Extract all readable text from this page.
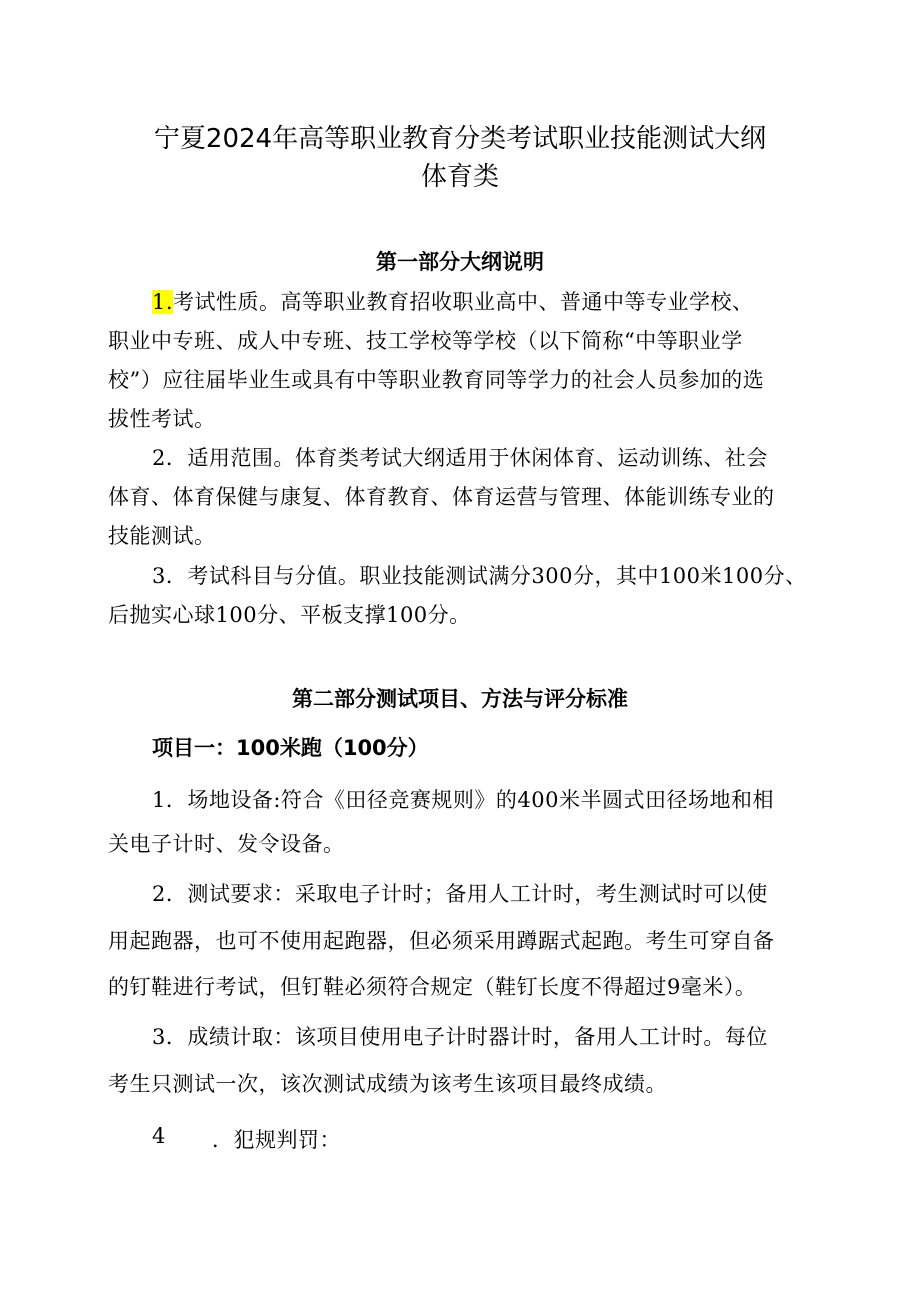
宁夏2024年高等职业教育分类考试职业技能测试大纲
体育类
第一部分大纲说明
1.考试性质。高等职业教育招收职业高中、普通中等专业学校、
职业中专班、成人中专班、技工学校等学校（以下简称“中等职业学
校”）应往届毕业生或具有中等职业教育同等学力的社会人员参加的选
拔性考试。
2．适用范围。体育类考试大纲适用于休闲体育、运动训练、社会
体育、体育保健与康复、体育教育、体育运营与管理、体能训练专业的
技能测试。
3．考试科目与分值。职业技能测试满分300分，其中100米100分、
后抛实心球100分、平板支撑100分。
第二部分测试项目、方法与评分标准
项目一：100米跑（100分）
1．场地设备:符合《田径竞赛规则》的400米半圆式田径场地和相
关电子计时、发令设备。
2．测试要求：采取电子计时；备用人工计时，考生测试时可以使
用起跑器，也可不使用起跑器，但必须采用蹲踞式起跑。考生可穿自备
的钉鞋进行考试，但钉鞋必须符合规定（鞋钉长度不得超过9毫米）。
3．成绩计取：该项目使用电子计时器计时，备用人工计时。每位
考生只测试一次，该次测试成绩为该考生该项目最终成绩。
4 ．犯规判罚：
